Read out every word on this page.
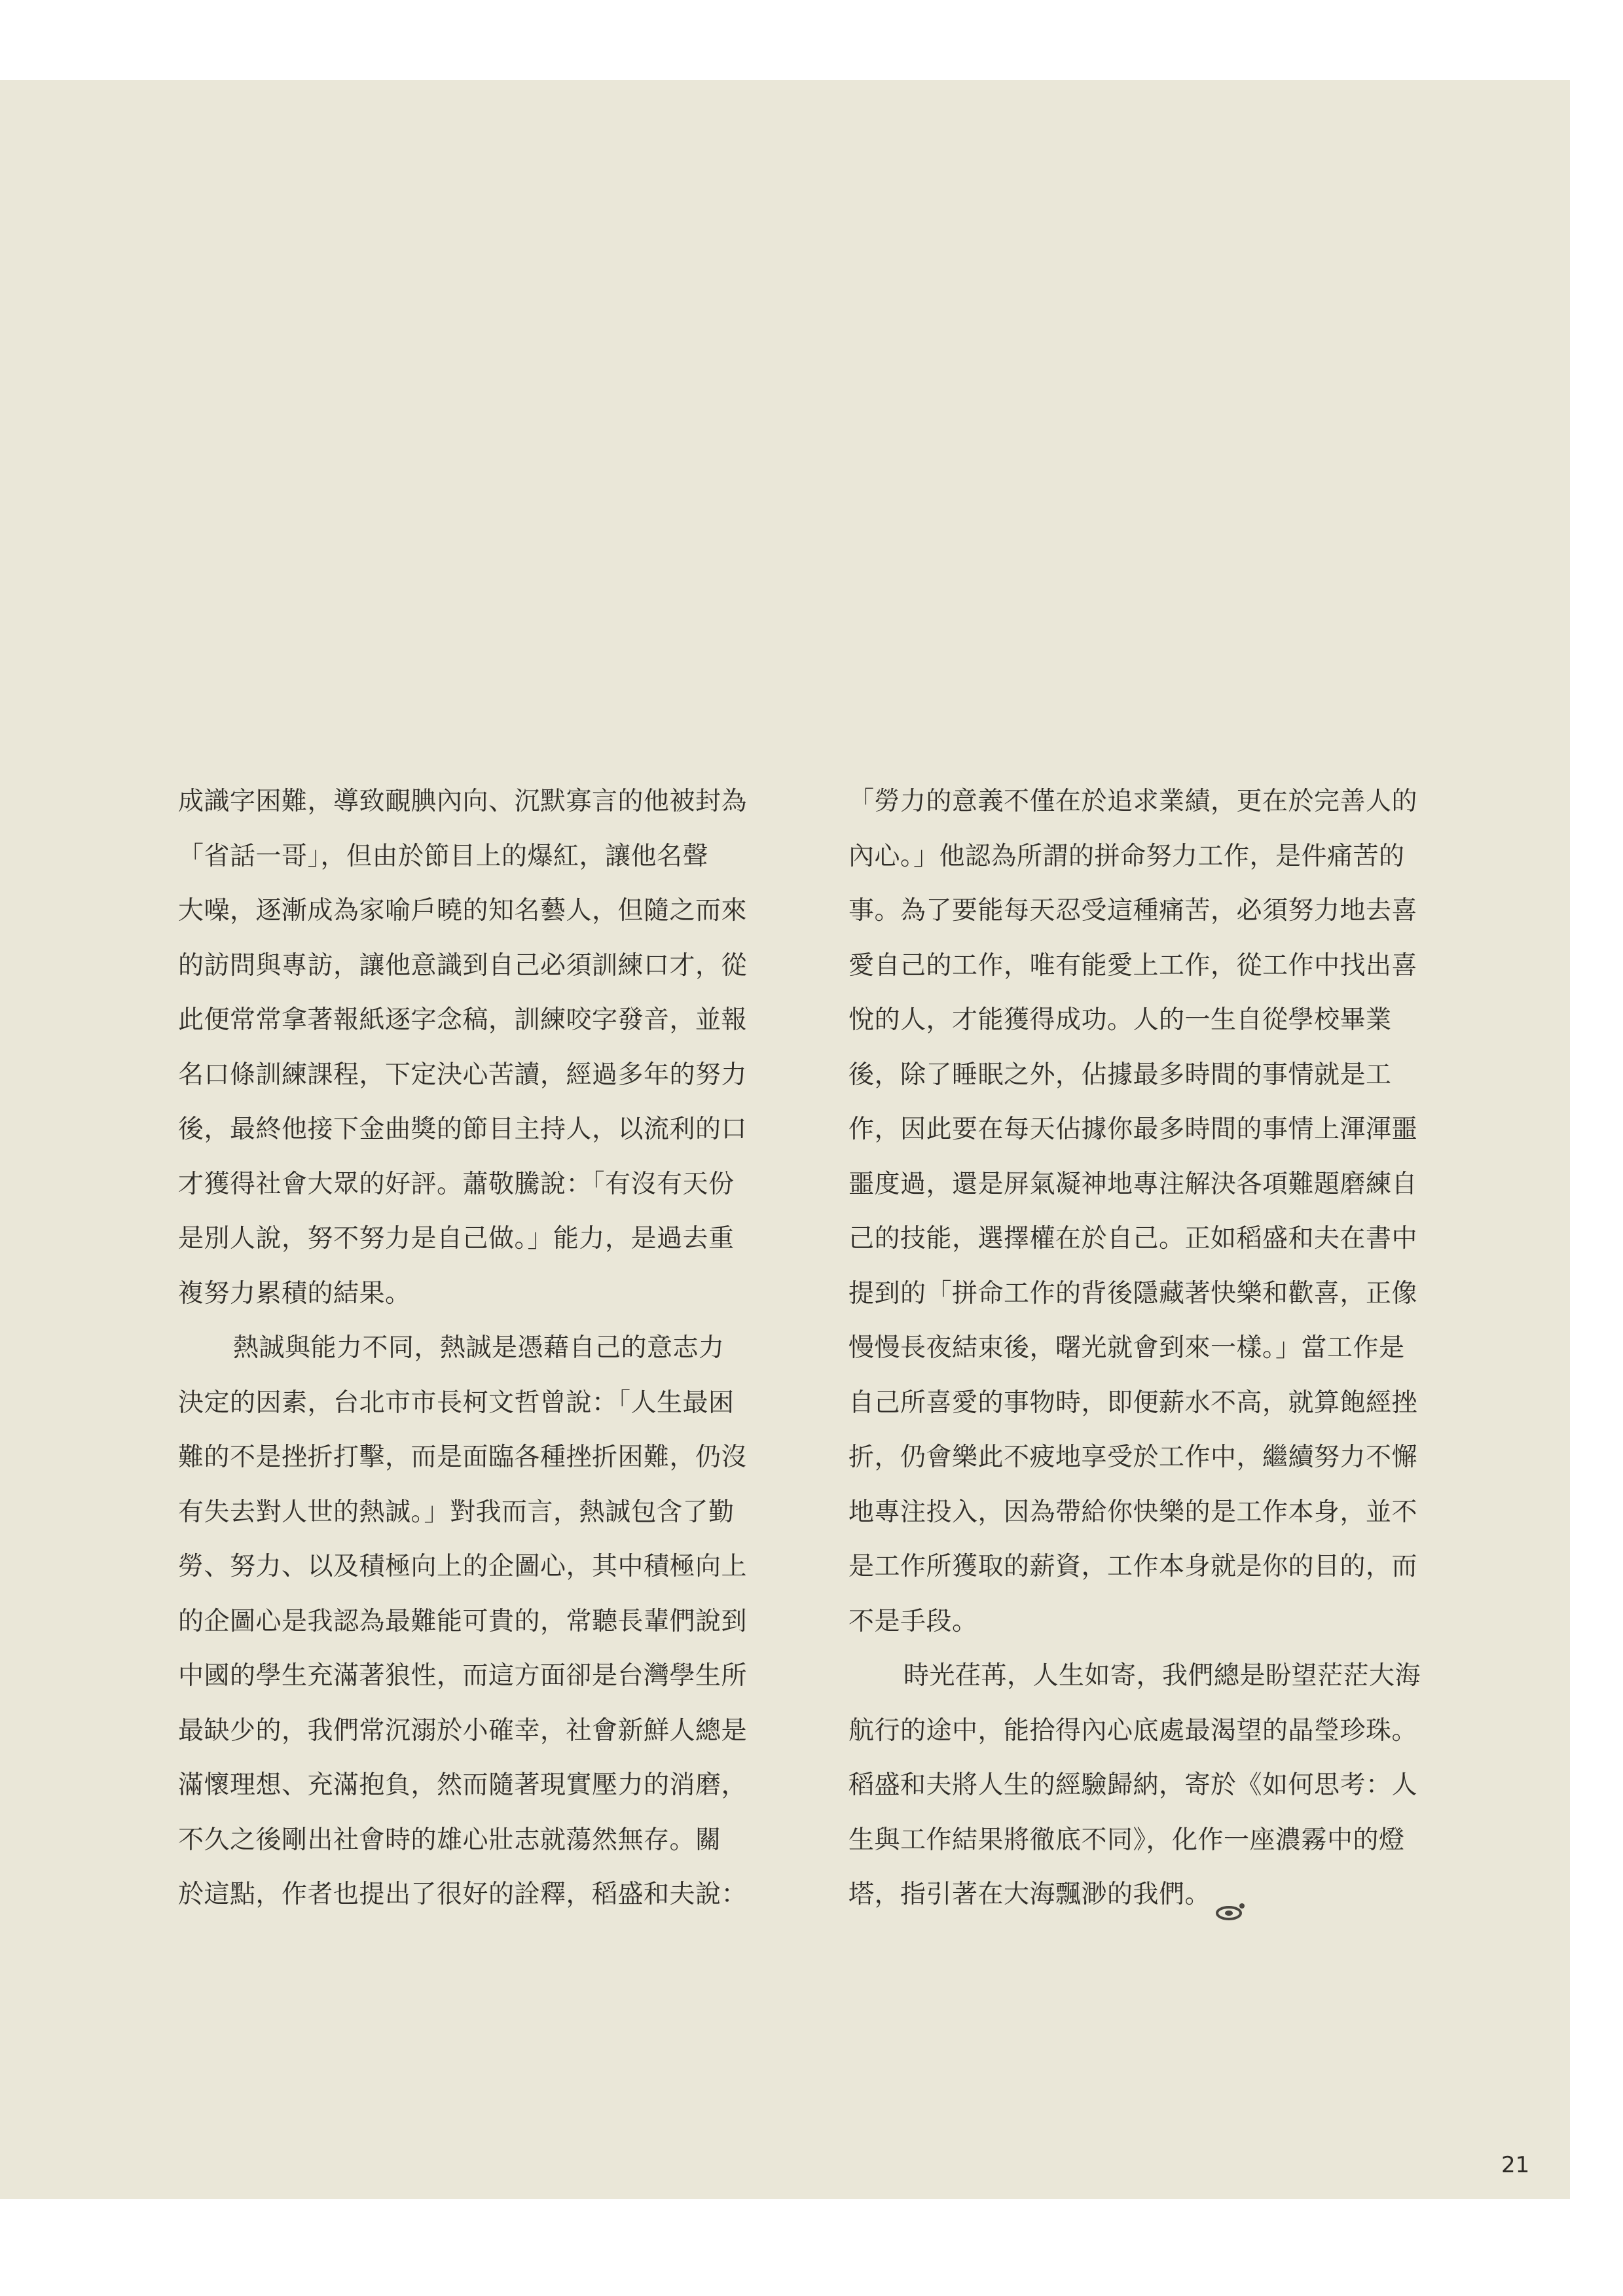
成識字困難，導致靦腆內向、沉默寡言的他被封為
「省話一哥」，但由於節目上的爆紅，讓他名聲
大噪，逐漸成為家喻戶曉的知名藝人，但隨之而來
的訪問與專訪，讓他意識到自己必須訓練口才，從
此便常常拿著報紙逐字念稿，訓練咬字發音，並報
名口條訓練課程，下定決心苦讀，經過多年的努力
後，最終他接下金曲獎的節目主持人，以流利的口
才獲得社會大眾的好評。蕭敬騰說：「有沒有天份
是別人說，努不努力是自己做。」能力，是過去重
複努力累積的結果。
熱誠與能力不同，熱誠是憑藉自己的意志力
決定的因素，台北市市長柯文哲曾說：「人生最困
難的不是挫折打擊，而是面臨各種挫折困難，仍沒
有失去對人世的熱誠。」對我而言，熱誠包含了勤
勞、努力、以及積極向上的企圖心，其中積極向上
的企圖心是我認為最難能可貴的，常聽長輩們說到
中國的學生充滿著狼性，而這方面卻是台灣學生所
最缺少的，我們常沉溺於小確幸，社會新鮮人總是
滿懷理想、充滿抱負，然而隨著現實壓力的消磨，
不久之後剛出社會時的雄心壯志就蕩然無存。關
於這點，作者也提出了很好的詮釋，稻盛和夫說：
「勞力的意義不僅在於追求業績，更在於完善人的
內心。」他認為所謂的拼命努力工作，是件痛苦的
事。為了要能每天忍受這種痛苦，必須努力地去喜
愛自己的工作，唯有能愛上工作，從工作中找出喜
悅的人，才能獲得成功。人的一生自從學校畢業
後，除了睡眠之外，佔據最多時間的事情就是工
作，因此要在每天佔據你最多時間的事情上渾渾噩
噩度過，還是屏氣凝神地專注解決各項難題磨練自
己的技能，選擇權在於自己。正如稻盛和夫在書中
提到的「拼命工作的背後隱藏著快樂和歡喜，正像
慢慢長夜結束後，曙光就會到來一樣。」當工作是
自己所喜愛的事物時，即便薪水不高，就算飽經挫
折，仍會樂此不疲地享受於工作中，繼續努力不懈
地專注投入，因為帶給你快樂的是工作本身，並不
是工作所獲取的薪資，工作本身就是你的目的，而
不是手段。
時光荏苒，人生如寄，我們總是盼望茫茫大海
航行的途中，能拾得內心底處最渴望的晶瑩珍珠。
稻盛和夫將人生的經驗歸納，寄於《如何思考：人
生與工作結果將徹底不同》，化作一座濃霧中的燈
塔，指引著在大海飄渺的我們。
21
